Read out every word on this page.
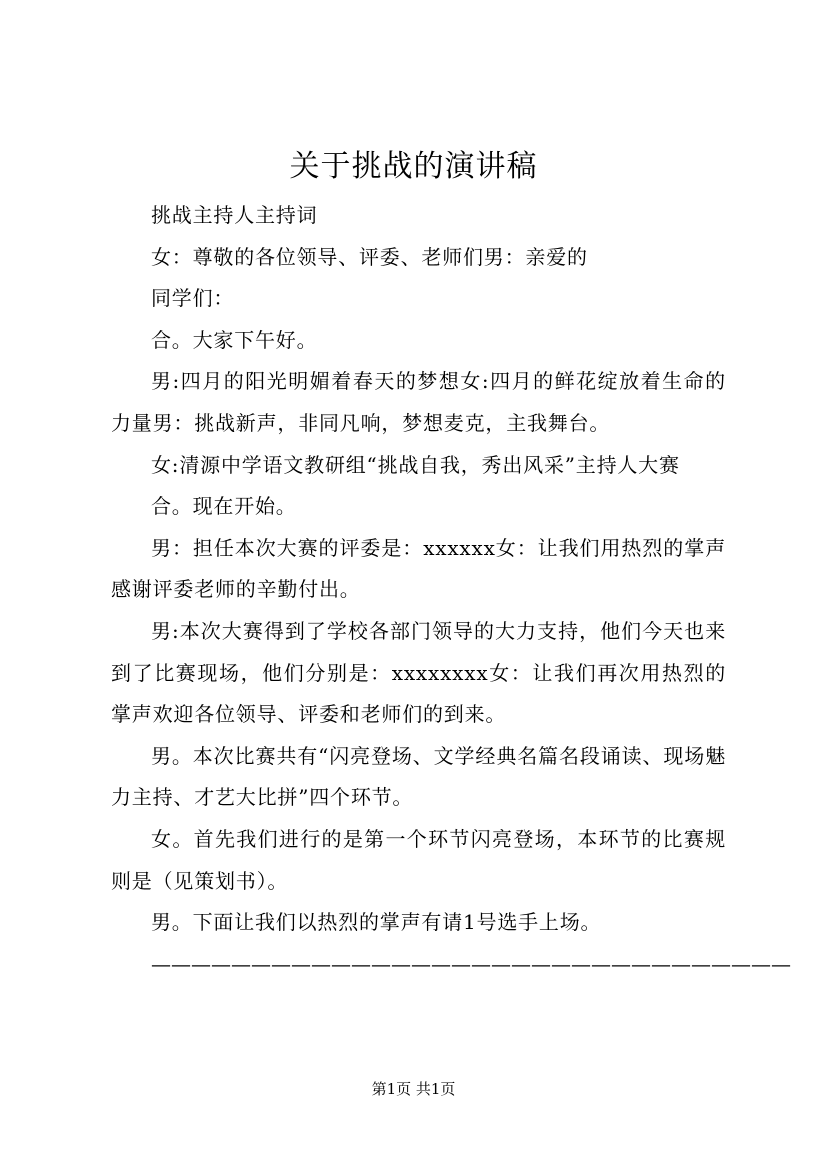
关于挑战的演讲稿

挑战主持人主持词

女：尊敬的各位领导、评委、老师们男：亲爱的

同学们：

合。大家下午好。

男:四月的阳光明媚着春天的梦想女:四月的鲜花绽放着生命的力量男：挑战新声，非同凡响，梦想麦克，主我舞台。

女:清源中学语文教研组“挑战自我，秀出风采”主持人大赛

合。现在开始。

男：担任本次大赛的评委是：xxxxxx女：让我们用热烈的掌声感谢评委老师的辛勤付出。

男:本次大赛得到了学校各部门领导的大力支持，他们今天也来到了比赛现场，他们分别是：xxxxxxxx女：让我们再次用热烈的掌声欢迎各位领导、评委和老师们的到来。

男。本次比赛共有“闪亮登场、文学经典名篇名段诵读、现场魅力主持、才艺大比拼”四个环节。

女。首先我们进行的是第一个环节闪亮登场，本环节的比赛规则是（见策划书）。

男。下面让我们以热烈的掌声有请1号选手上场。

————————————————————————————————

第1页 共1页
